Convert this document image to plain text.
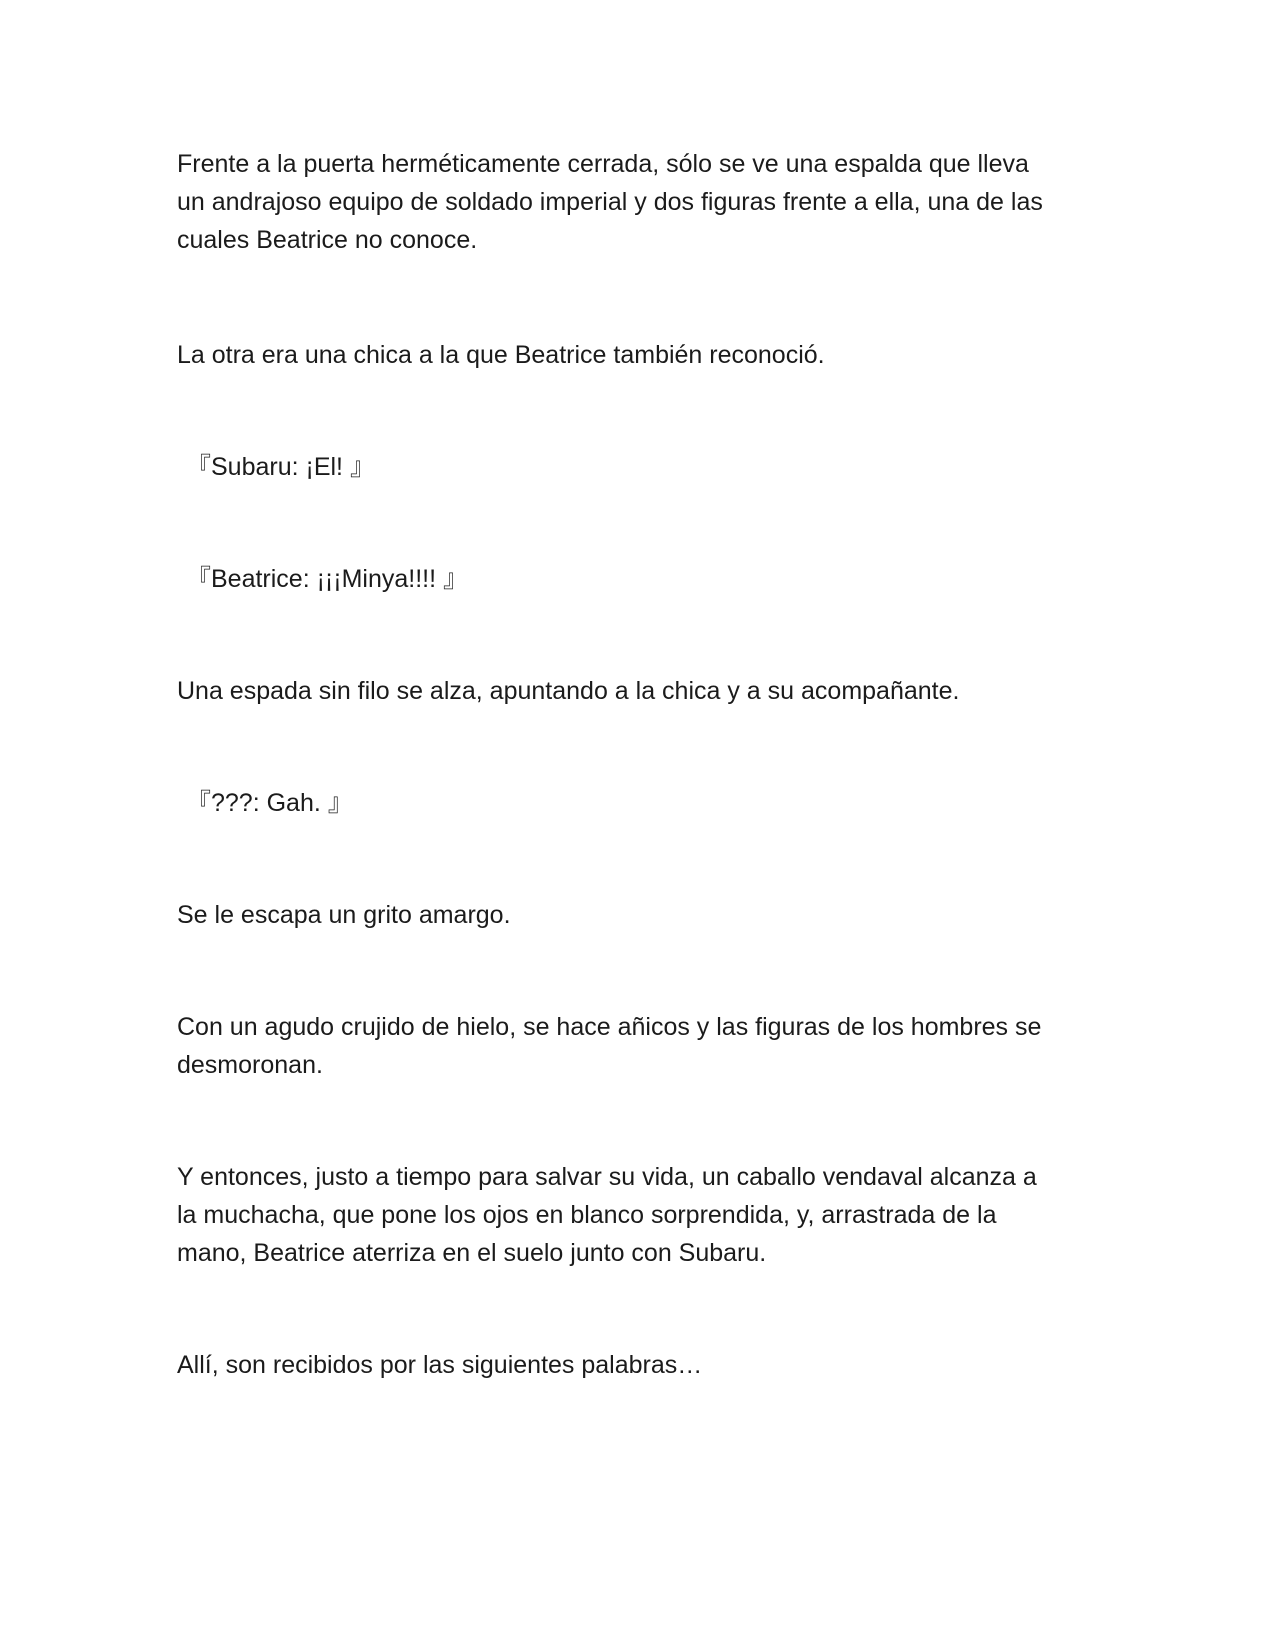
Frente a la puerta herméticamente cerrada, sólo se ve una espalda que lleva

un andrajoso equipo de soldado imperial y dos figuras frente a ella, una de las

cuales Beatrice no conoce.

La otra era una chica a la que Beatrice también reconoció.

『Subaru: ¡El! 』

『Beatrice: ¡¡¡Minya!!!! 』

Una espada sin filo se alza, apuntando a la chica y a su acompañante.

『???: Gah. 』

Se le escapa un grito amargo.

Con un agudo crujido de hielo, se hace añicos y las figuras de los hombres se

desmoronan.

Y entonces, justo a tiempo para salvar su vida, un caballo vendaval alcanza a

la muchacha, que pone los ojos en blanco sorprendida, y, arrastrada de la

mano, Beatrice aterriza en el suelo junto con Subaru.

Allí, son recibidos por las siguientes palabras…
